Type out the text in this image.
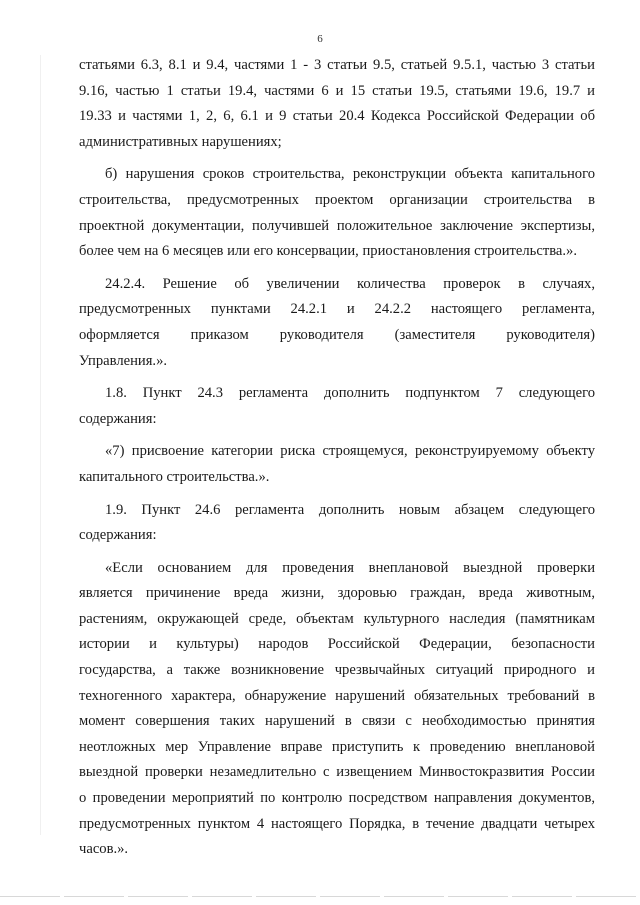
6
статьями 6.3, 8.1 и 9.4, частями 1 - 3 статьи 9.5, статьей 9.5.1, частью 3 статьи
9.16, частью 1 статьи 19.4, частями 6 и 15 статьи 19.5, статьями 19.6, 19.7 и
19.33 и частями 1, 2, 6, 6.1 и 9 статьи 20.4 Кодекса Российской Федерации об
административных нарушениях;
б) нарушения сроков строительства, реконструкции объекта капитального
строительства, предусмотренных проектом организации строительства в
проектной документации, получившей положительное заключение экспертизы,
более чем на 6 месяцев или его консервации, приостановления строительства.».
24.2.4. Решение об увеличении количества проверок в случаях,
предусмотренных пунктами 24.2.1 и 24.2.2 настоящего регламента,
оформляется приказом руководителя (заместителя руководителя)
Управления.».
1.8. Пункт 24.3 регламента дополнить подпунктом 7 следующего
содержания:
«7) присвоение категории риска строящемуся, реконструируемому объекту
капитального строительства.».
1.9. Пункт 24.6 регламента дополнить новым абзацем следующего
содержания:
«Если основанием для проведения внеплановой выездной проверки
является причинение вреда жизни, здоровью граждан, вреда животным,
растениям, окружающей среде, объектам культурного наследия (памятникам
истории и культуры) народов Российской Федерации, безопасности
государства, а также возникновение чрезвычайных ситуаций природного и
техногенного характера, обнаружение нарушений обязательных требований в
момент совершения таких нарушений в связи с необходимостью принятия
неотложных мер Управление вправе приступить к проведению внеплановой
выездной проверки незамедлительно с извещением Минвостокразвития России
о проведении мероприятий по контролю посредством направления документов,
предусмотренных пунктом 4 настоящего Порядка, в течение двадцати четырех
часов.».
